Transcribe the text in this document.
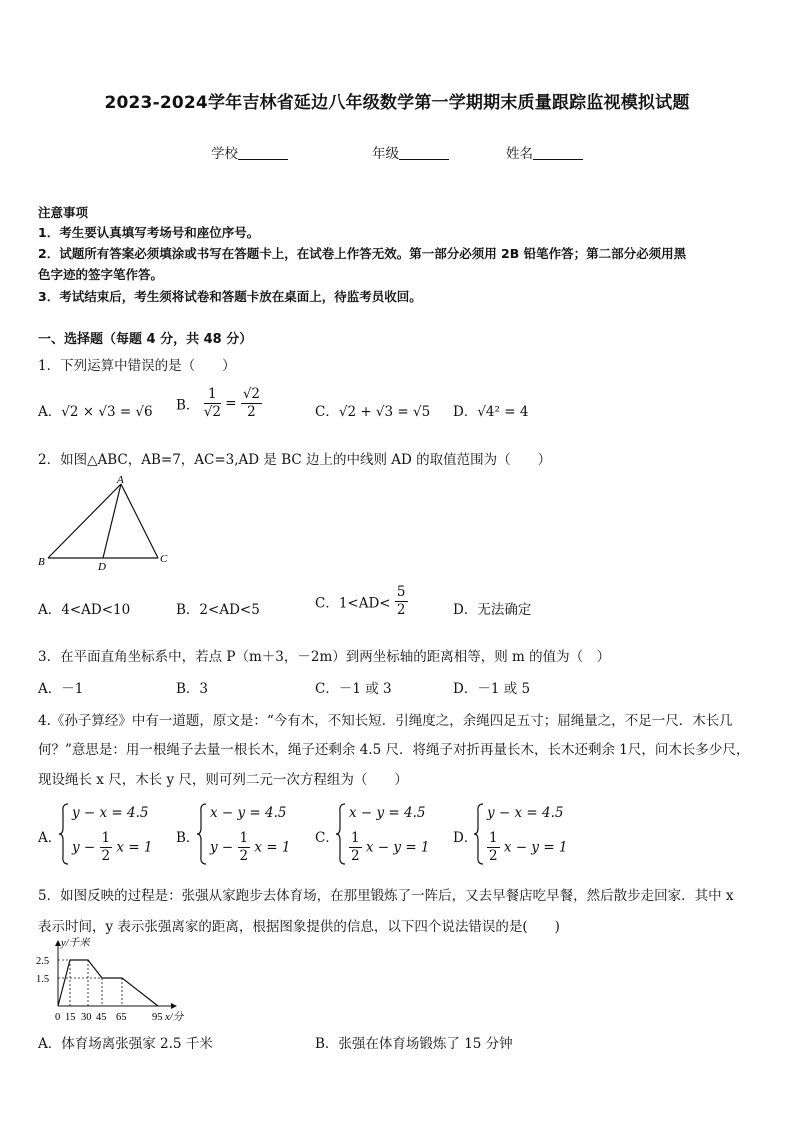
2023-2024学年吉林省延边八年级数学第一学期期末质量跟踪监视模拟试题
学校	年级	姓名
注意事项
1．考生要认真填写考场号和座位序号。
2．试题所有答案必须填涂或书写在答题卡上，在试卷上作答无效。第一部分必须用 2B 铅笔作答；第二部分必须用黑
色字迹的签字笔作答。
3．考试结束后，考生须将试卷和答题卡放在桌面上，待监考员收回。
一、选择题（每题 4 分，共 48 分）
1．下列运算中错误的是（　　）
A．√2 × √3 = √6 B． $\frac{1}{√2} = \frac{√2}{2}$	C．√2 + √3 = √5 D．√4² = 4
2．如图△ABC，AB=7，AC=3,AD 是 BC 边上的中线则 AD 的取值范围为（　　）
A
B	C
D
A．4<AD<10	B．2<AD<5	C．$1<AD< \frac{5}{2}$	D．无法确定
3．在平面直角坐标系中，若点 P（m＋3，－2m）到两坐标轴的距离相等，则 m 的值为（　）
A．－1	B．3	C．－1 或 3	D．－1 或 5
4.《孙子算经》中有一道题，原文是：“今有木，不知长短．引绳度之，余绳四足五寸；屈绳量之，不足一尺．木长几
何？”意思是：用一根绳子去量一根长木，绳子还剩余 4.5 尺．将绳子对折再量长木，长木还剩余 1尺，问木长多少尺，
现设绳长 x 尺，木长 y 尺，则可列二元一次方程组为（　　）
A．
y − x = 4.5
$y - \frac{1}{2}$ x = 1
B．
x − y = 4.5
$y - \frac{1}{2}$ x = 1
C．
x − y = 4.5
$\frac{1}{2}$ x − y = 1
D．
y − x = 4.5
$\frac{1}{2}$ x − y = 1
5．如图反映的过程是：张强从家跑步去体育场，在那里锻炼了一阵后，又去早餐店吃早餐，然后散步走回家．其中 x
表示时间，y 表示张强离家的距离，根据图象提供的信息，以下四个说法错误的是(　　)
y/千米
2.5
1.5
0 15 30 45 65 95 x/分
A．体育场离张强家 2.5 千米	B．张强在体育场锻炼了 15 分钟
